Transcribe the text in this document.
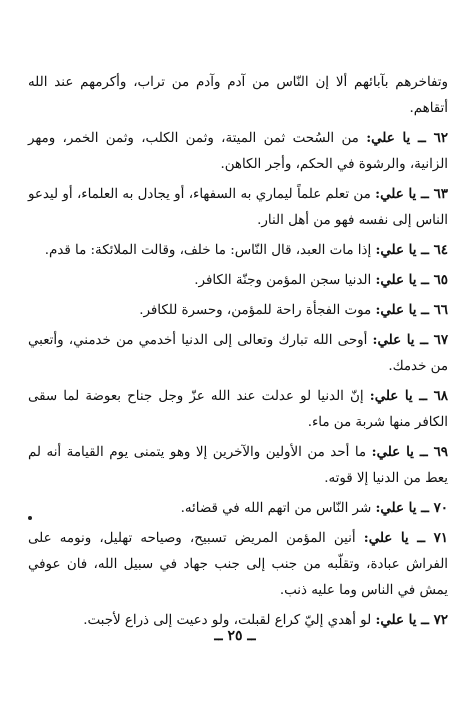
وتفاخرهم بآبائهم ألا إن النّاس من آدم وآدم من تراب، وأكرمهم عند الله أتقاهم.

٦٢ ــ يا علي: من السُحت ثمن الميتة، وثمن الكلب، وثمن الخمر، ومهر الزانية، والرشوة في الحكم، وأجر الكاهن.

٦٣ ــ يا علي: من تعلم علماً ليماري به السفهاء، أو يجادل به العلماء، أو ليدعو الناس إلى نفسه فهو من أهل النار.

٦٤ ــ يا علي: إذا مات العبد، قال النّاس: ما خلف، وقالت الملائكة: ما قدم.

٦٥ ــ يا علي: الدنيا سجن المؤمن وجنّة الكافر.

٦٦ ــ يا علي: موت الفجأة راحة للمؤمن، وحسرة للكافر.

٦٧ ــ يا علي: أوحى الله تبارك وتعالى إلى الدنيا أخدمي من خدمني، وأتعبي من خدمك.

٦٨ ــ يا علي: إنّ الدنيا لو عدلت عند الله عزّ وجل جناح بعوضة لما سقى الكافر منها شربة من ماء.

٦٩ ــ يا علي: ما أحد من الأولين والآخرين إلا وهو يتمنى يوم القيامة أنه لم يعط من الدنيا إلا قوته.

٧٠ ــ يا علي: شر النّاس من اتهم الله في قضائه.

٧١ ــ يا علي: أنين المؤمن المريض تسبيح، وصياحه تهليل، ونومه على الفراش عبادة، وتقلّبه من جنب إلى جنب جهاد في سبيل الله، فان عوفي يمش في الناس وما عليه ذنب.

٧٢ ــ يا علي: لو أهدي إليّ كراع لقبلت، ولو دعيت إلى ذراع لأجبت.

ــ ٢٥ ــ
